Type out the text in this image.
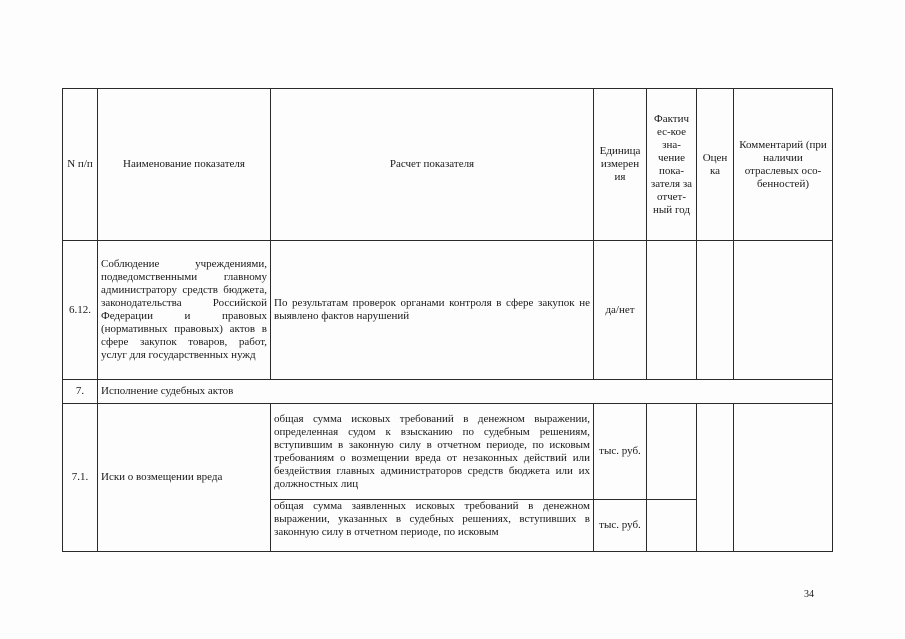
N п/п	Наименование показателя	Расчет показателя	Единица измерен ия	Фактич ес-кое зна- чение пока- зателя за отчет- ный год	Оцен ка	Комментарий (при наличии отраслевых осо- бенностей)
6.12.	Соблюдение учреждениями, подведомственными главному администратору средств бюджета, законодательства Российской Федерации и правовых (нормативных правовых) актов в сфере закупок товаров, работ, услуг для государственных нужд	По результатам проверок органами контроля в сфере закупок не выявлено фактов нарушений	да/нет			
7.	Исполнение судебных актов					
7.1.	Иски о возмещении вреда	общая сумма исковых требований в денежном выражении, определенная судом к взысканию по судебным решениям, вступившим в законную силу в отчетном периоде, по исковым требованиям о возмещении вреда от незаконных действий или бездействия главных администраторов средств бюджета или их должностных лиц	тыс. руб.			
		общая сумма заявленных исковых требований в денежном выражении, указанных в судебных решениях, вступивших в законную силу в отчетном периоде, по исковым	тыс. руб.			
34
